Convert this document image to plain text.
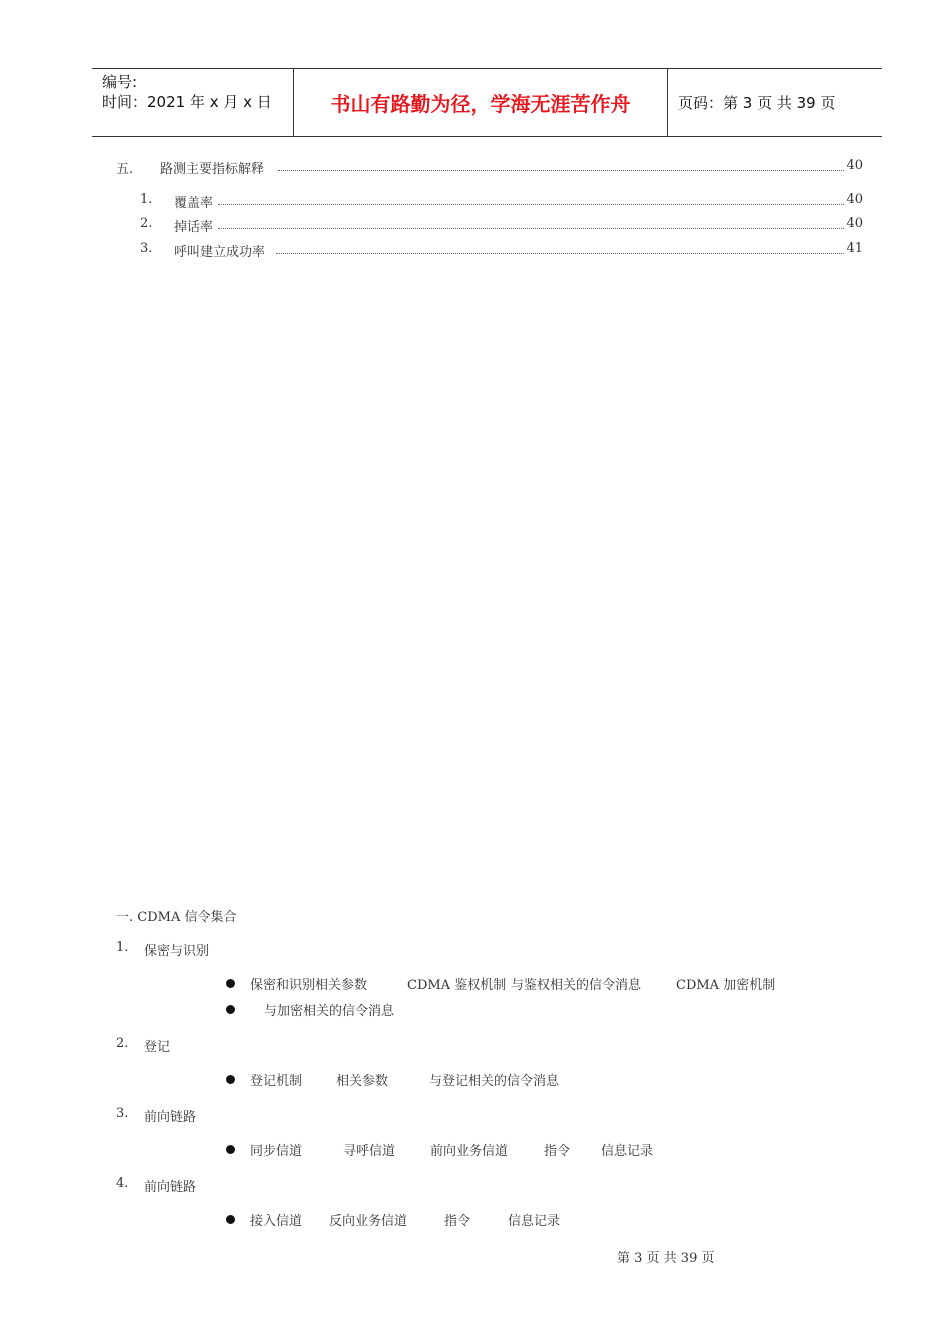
编号:
时间：2021 年 x 月 x 日	书山有路勤为径，学海无涯苦作舟	页码：第 3 页 共 39 页
五. 路测主要指标解释	40
1. 覆盖率	40
2. 掉话率	40
3. 呼叫建立成功率	41
一. CDMA 信令集合
1. 保密与识别
保密和识别相关参数	CDMA 鉴权机制 与鉴权相关的信令消息	CDMA 加密机制
与加密相关的信令消息
2. 登记
登记机制	相关参数	与登记相关的信令消息
3. 前向链路
同步信道	寻呼信道	前向业务信道	指令 信息记录
4. 前向链路
接入信道 反向业务信道	指令	信息记录
第 3 页 共 39 页
